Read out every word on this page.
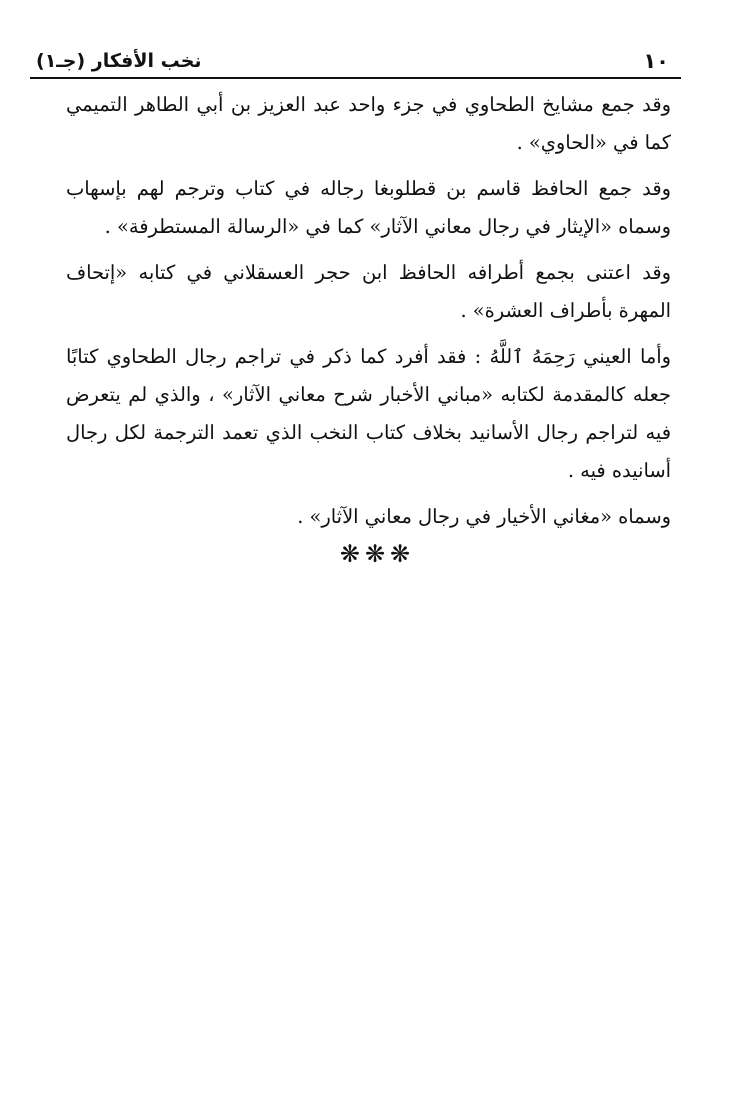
١٠
نخب الأفكار (جـ١)

وقد جمع مشايخ الطحاوي في جزء واحد عبد العزيز بن أبي الطاهر التميمي كما في «الحاوي» .

وقد جمع الحافظ قاسم بن قطلوبغا رجاله في كتاب وترجم لهم بإسهاب وسماه «الإيثار في رجال معاني الآثار» كما في «الرسالة المستطرفة» .

وقد اعتنى بجمع أطرافه الحافظ ابن حجر العسقلاني في كتابه «إتحاف المهرة بأطراف العشرة» .

وأما العيني رَحِمَهُ ٱللَّهُ : فقد أفرد كما ذكر في تراجم رجال الطحاوي كتابًا جعله كالمقدمة لكتابه «مباني الأخبار شرح معاني الآثار» ، والذي لم يتعرض فيه لتراجم رجال الأسانيد بخلاف كتاب النخب الذي تعمد الترجمة لكل رجال أسانيده فيه .

وسماه «مغاني الأخيار في رجال معاني الآثار» .

❋❋❋
